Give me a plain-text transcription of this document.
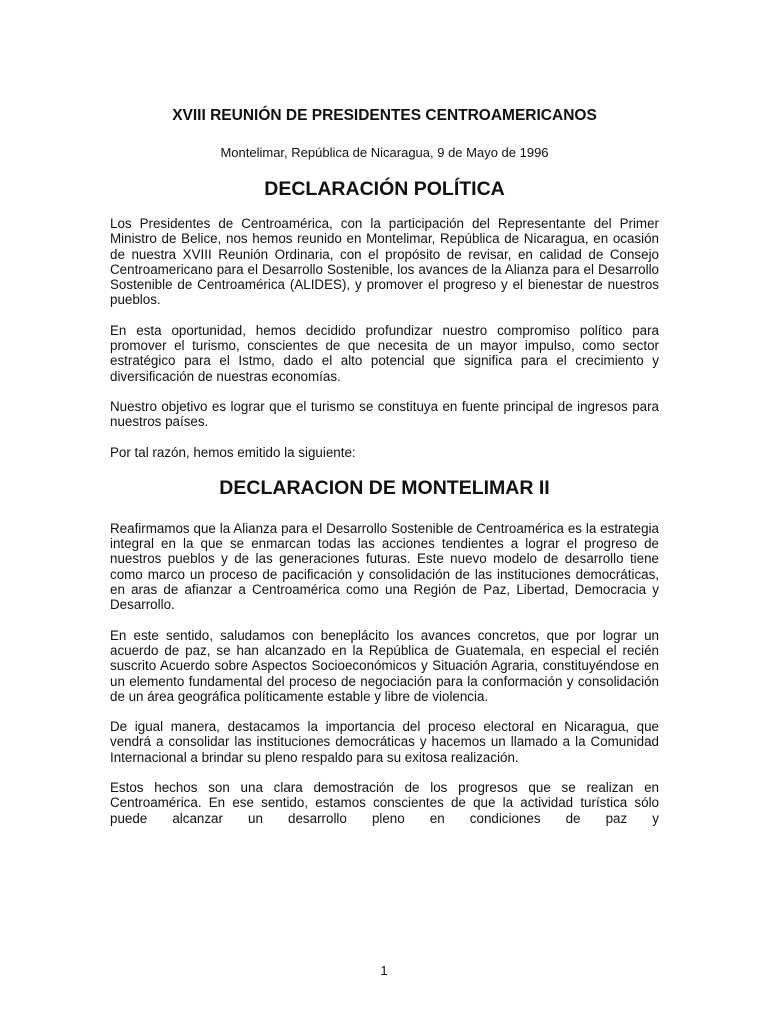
XVIII REUNIÓN DE PRESIDENTES CENTROAMERICANOS
Montelimar, República de Nicaragua, 9 de Mayo de 1996
DECLARACIÓN POLÍTICA

Los Presidentes de Centroamérica, con la participación del Representante del Primer Ministro de Belice, nos hemos reunido en Montelimar, República de Nicaragua, en ocasión de nuestra XVIII Reunión Ordinaria, con el propósito de revisar, en calidad de Consejo Centroamericano para el Desarrollo Sostenible, los avances de la Alianza para el Desarrollo Sostenible de Centroamérica (ALIDES), y promover el progreso y el bienestar de nuestros pueblos.

En esta oportunidad, hemos decidido profundizar nuestro compromiso político para promover el turismo, conscientes de que necesita de un mayor impulso, como sector estratégico para el Istmo, dado el alto potencial que significa para el crecimiento y diversificación de nuestras economías.

Nuestro objetivo es lograr que el turismo se constituya en fuente principal de ingresos para nuestros países.

Por tal razón, hemos emitido la siguiente:

DECLARACION DE MONTELIMAR II

Reafirmamos que la Alianza para el Desarrollo Sostenible de Centroamérica es la estrategia integral en la que se enmarcan todas las acciones tendientes a lograr el progreso de nuestros pueblos y de las generaciones futuras. Este nuevo modelo de desarrollo tiene como marco un proceso de pacificación y consolidación de las instituciones democráticas, en aras de afianzar a Centroamérica como una Región de Paz, Libertad, Democracia y Desarrollo.

En este sentido, saludamos con beneplácito los avances concretos, que por lograr un acuerdo de paz, se han alcanzado en la República de Guatemala, en especial el recién suscrito Acuerdo sobre Aspectos Socioeconómicos y Situación Agraria, constituyéndose en un elemento fundamental del proceso de negociación para la conformación y consolidación de un área geográfica políticamente estable y libre de violencia.

De igual manera, destacamos la importancia del proceso electoral en Nicaragua, que vendrá a consolidar las instituciones democráticas y hacemos un llamado a la Comunidad Internacional a brindar su pleno respaldo para su exitosa realización.

Estos hechos son una clara demostración de los progresos que se realizan en Centroamérica. En ese sentido, estamos conscientes de que la actividad turística sólo puede alcanzar un desarrollo pleno en condiciones de paz y

1
